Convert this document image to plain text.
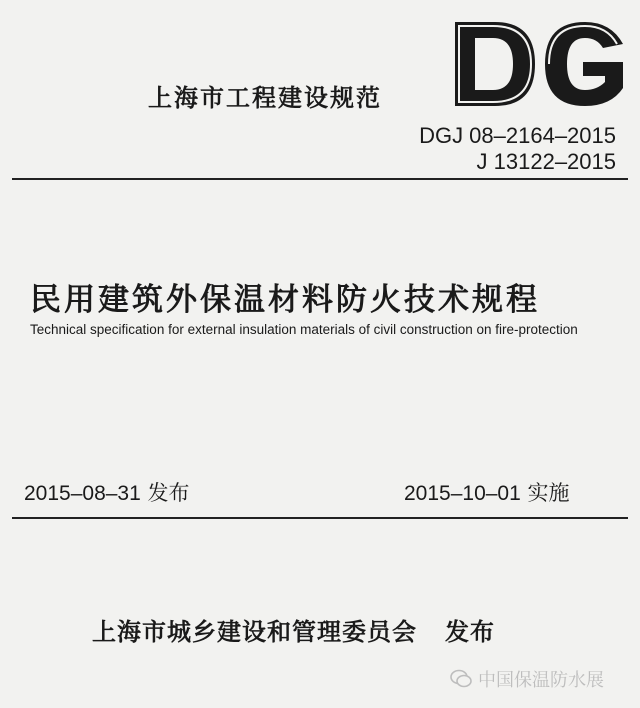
上海市工程建设规范
DGJ 08–2164–2015
J 13122–2015
民用建筑外保温材料防火技术规程
Technical specification for external insulation materials of civil construction on fire-protection
2015–08–31 发布	2015–10–01 实施
上海市城乡建设和管理委员会 发布
中国保温防水展
